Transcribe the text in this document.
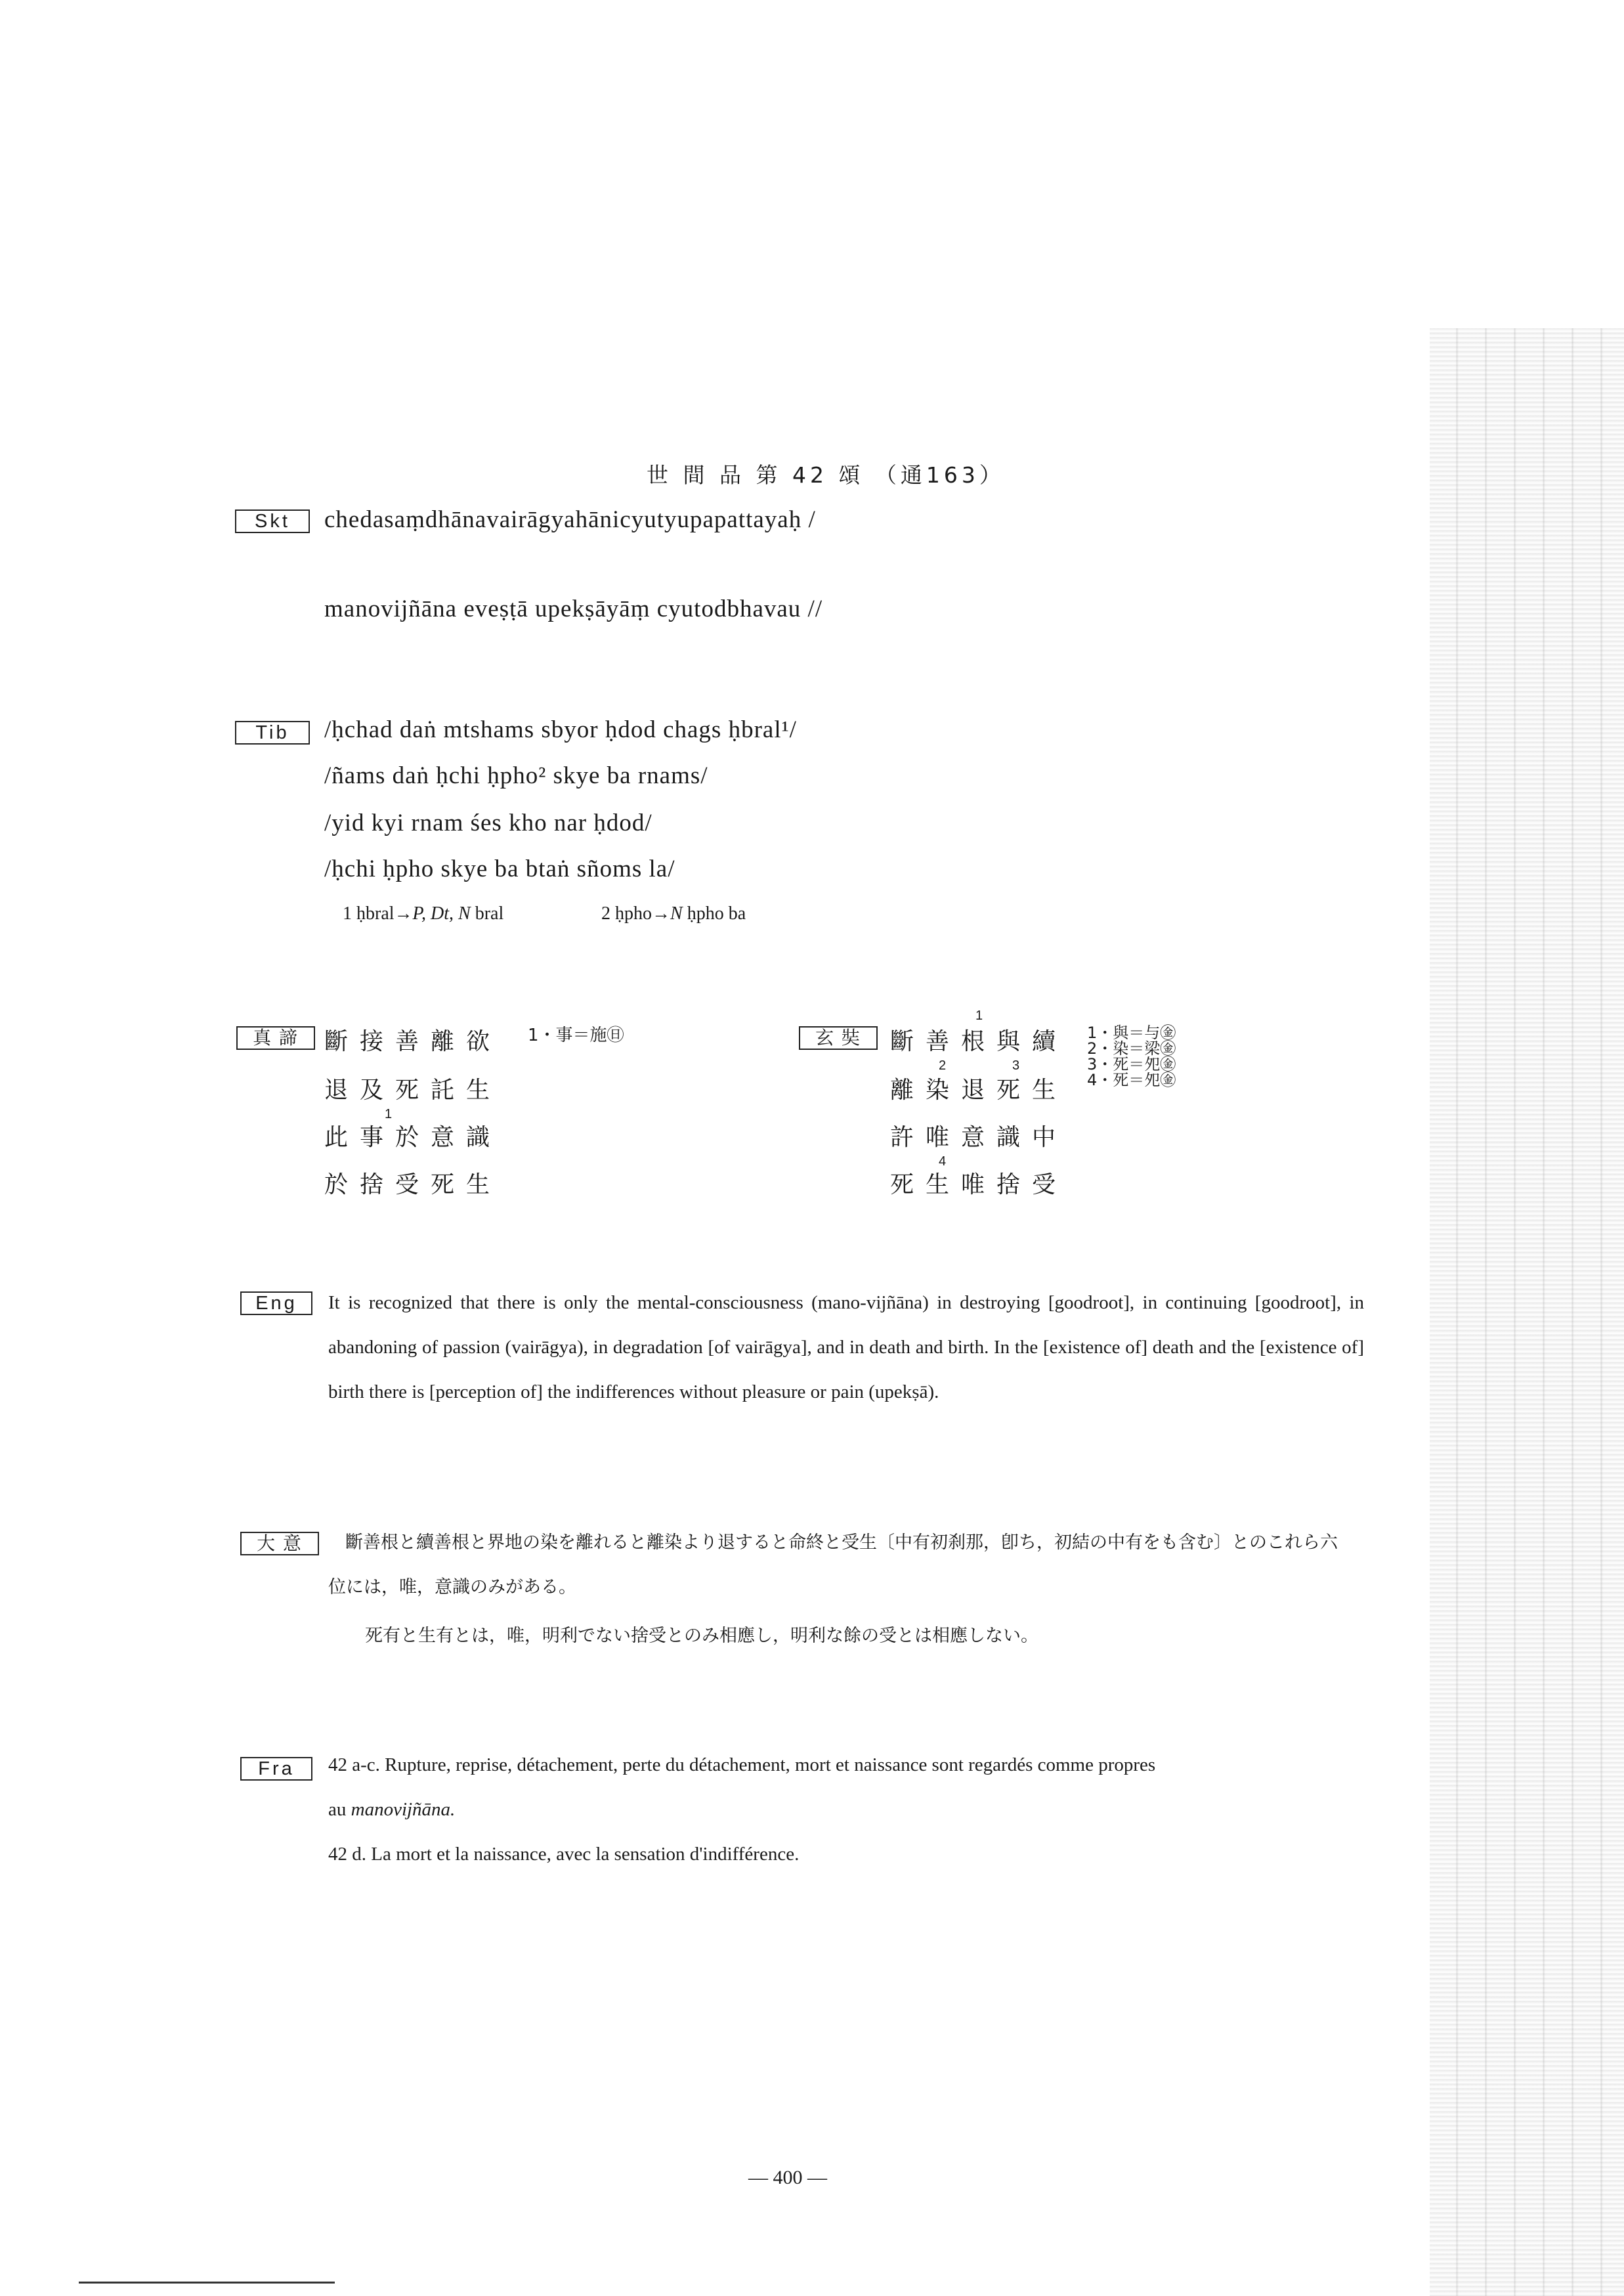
世 間 品 第 42 頌 （通163）
Skt	chedasaṃdhānavairāgyahānicyutyupapattayaḥ /
manovijñāna eveṣṭā upekṣāyāṃ cyutodbhavau //
Tib	/ḥchad daṅ mtshams sbyor ḥdod chags ḥbral¹/
/ñams daṅ ḥchi ḥpho² skye ba rnams/
/yid kyi rnam śes kho nar ḥdod/
/ḥchi ḥpho skye ba btaṅ sñoms la/
1 ḥbral→P, Dt, N bral	2 ḥpho→N ḥpho ba
真 諦	斷接善離欲
退及死託生
1
此事於意識
於捨受死生
1・事＝施㊐	玄 奘
1
斷善根與續
2	3
離染退死生
許唯意識中
4
死生唯捨受
1・與＝与㊎
2・染＝梁㊎
3・死＝夗㊎
4・死＝夗㊎
Eng	It is recognized that there is only the mental-consciousness (mano-vijñāna) in destroying [goodroot], in continuing [goodroot], in abandoning of passion (vairāgya), in degradation [of vairāgya], and in death and birth. In the [existence of] death and the [existence of] birth there is [perception of] the indifferences without pleasure or pain (upekṣā).
大 意	斷善根と續善根と界地の染を離れると離染より退すると命終と受生〔中有初刹那，卽ち，初結の中有をも含む〕とのこれら六位には，唯，意識のみがある。
死有と生有とは，唯，明利でない捨受とのみ相應し，明利な餘の受とは相應しない。
Fra	42 a-c. Rupture, reprise, détachement, perte du détachement, mort et naissance sont regardés comme propres
au manovijñāna.
42 d. La mort et la naissance, avec la sensation d'indifférence.
— 400 —
